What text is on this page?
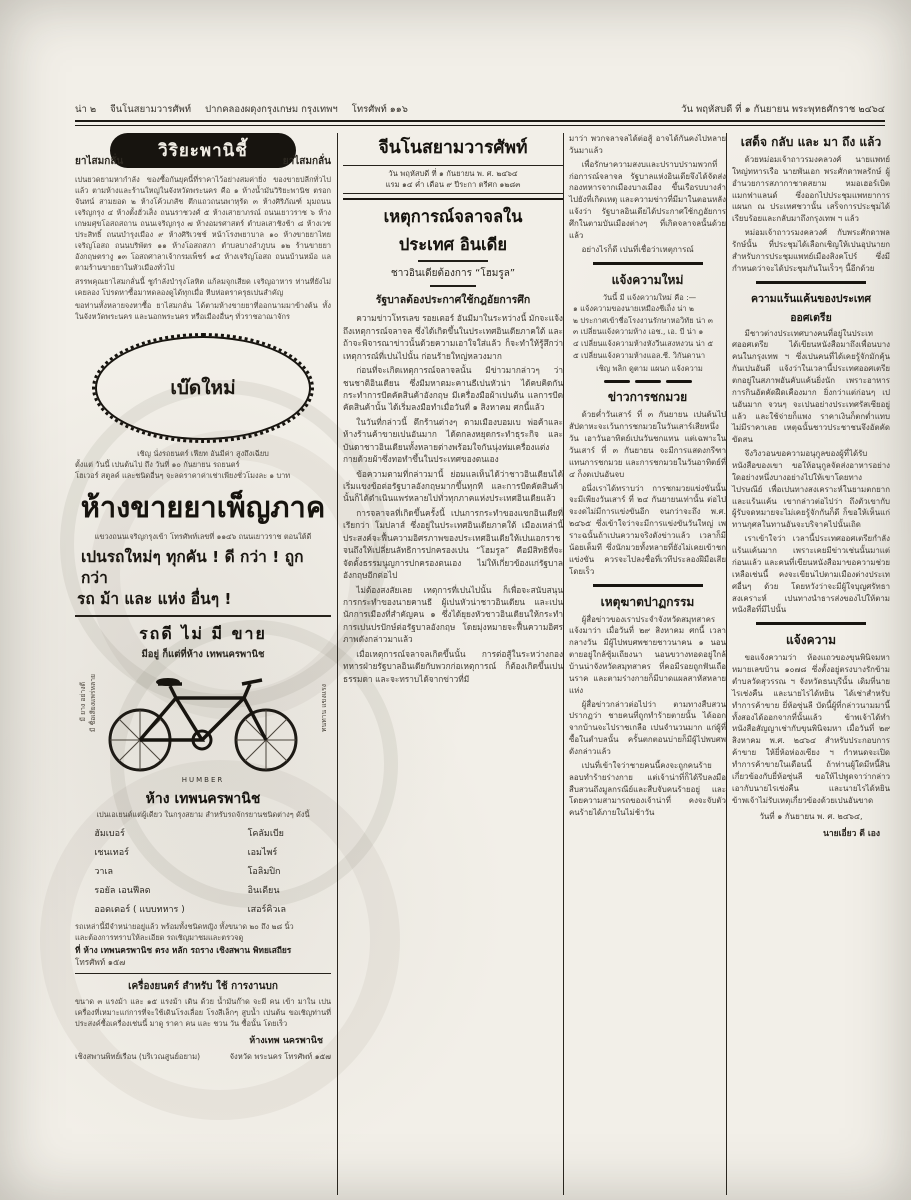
น่า ๒ จีนโนสยามวารศัพท์ ปากคลองผดุงกรุงเกษม กรุงเทพฯ โทรศัพท์ ๑๑๖	วัน พฤหัสบดี ที่ ๑ กันยายน พระพุทธศักราช ๒๔๖๔
วิริยะพานิชี้
ยาไสมกลั่น	ยาไสมกลั่น

เปนยวดยามหากำลัง ของซื้อกันยุคนี้ที่ราคาไว้อย่างสมค่ายิ่ง ของขายปลีกทั่วไปแล้ว ตามห้างและร้านใหญ่ในจังหวัดพระนคร คือ ๑ ห้างน้ำมันวิริยะพานิช ตรอกจันทน์ สามยอด ๒ ห้างโค้วเภสัช ตึกแถวถนนพาหุรัด ๓ ห้างศิริภัณฑ์ มุมถนนเจริญกรุง ๔ ห้างตั้งฮั่วเส็ง ถนนราชวงศ์ ๕ ห้างเสายาภรณ์ ถนนเยาวราช ๖ ห้างเกษมศุขโอสถสถาน ถนนเจริญกรุง ๗ ห้างอมรศาสตร์ ตำบลเสาชิงช้า ๘ ห้างเวชประสิทธิ์ ถนนบำรุงเมือง ๙ ห้างศิริเวชช์ หน้าโรงพยาบาล ๑๐ ห้างขายยาไทยเจริญโอสถ ถนนบริพัตร ๑๑ ห้างโอสถสภา ตำบลบางลำภูบน ๑๒ ร้านขายยาอังกฤษตรางู ๑๓ โอสถศาลาเจ้ากรมเพ็ชร์ ๑๔ ห้างเจริญโอสถ ถนนบ้านหม้อ แลตามร้านขายยาในหัวเมืองทั่วไป

สรรพคุณยาไสมกลั่นนี้ ชูกำลังบำรุงโลหิต แก้ลมจุกเสียด เจริญอาหาร ท่านที่ยังไม่เคยลอง โปรดหาซื้อมาทดลองดูได้ทุกเมื่อ หีบห่อตราครุธเปนสำคัญ

ขอท่านทั้งหลายจงหาซื้อ ยาไสมกลั่น ได้ตามห้างขายยาที่ออกนามมาข้างต้น ทั้งในจังหวัดพระนคร และนอกพระนคร หรือเมืองอื่นๆ ทั่วราชอาณาจักร

เบ๊ดใหม่

เชิญ นั่งรถยนตร์ เฟียท อันมีค่า สูงถึงเฉียบ

ตั้งแต่ วันนี้ เปนต้นไป ถึง วันที่ ๑๐ กันยายน รถยนตร์

โฮเวอร์ สตูลค์ และชนิดอื่นๆ จะลดราคาค่าเช่าเพียงชั่วโมงละ ๑ บาท

ห้างขายยาเพ็ญภาค

แขวงถนนเจริญกรุงเข้า โทรศัพท์เลขที่ ๑๑๔๖ ถนนเยาวราช ตอนใต้ดี

เปนรถใหม่ๆ ทุกคัน ! ดี กว่า ! ถูก กว่า

รถ ม้า และ แห่ง อื่นๆ !

รถดี ไม่ มี ขาย
มีอยู่ ก็แต่ที่ห้าง เทพนครพานิช
มี ยาง อย่างดี มี ชื่อเสียงแพร่หลาย	ทนทาน แขงแรง
HUMBER
ห้าง เทพนครพานิช

เปนเอเยนต์แต่ผู้เดียว ในกรุงสยาม สำหรับรถจักรยานชนิดต่างๆ ดังนี้

ฮัมเบอร์	โคลัมเบีย
เชนเทอร์	เอมไพร์
วาเล	โอลิมปิก
รอยัล เอนฟีลด	อินเดียน
ออดเตอร์ ( แบบทหาร )	เสอร์คิวเล

รถเหล่านี้มีจำหน่ายอยู่แล้ว พร้อมทั้งชนิดหญิง ทั้งขนาด ๒๐ ถึง ๒๘ นิ้ว

และต้องการทราบให้ละเอียด รถเชิญมาชมและตรวจดู

ที่ ห้าง เทพนครพานิช ตรง หลัก รถราง เชิงสพาน พิทยเสถียร

โทรศัพท์ ๑๕๗

เครื่องยนตร์ สำหรับ ใช้ การงานบก

ขนาด ๓ แรงม้า และ ๑๕ แรงม้า เดิน ด้วย น้ำมันก๊าด จะมี คน เข้า มาใน เปนเครื่องที่เหมาะแก่การที่จะใช้เดินโรงเลื่อย โรงสีเล็กๆ สูบน้ำ เปนต้น ขอเชิญท่านที่ประสงค์ซื้อเครื่องเช่นนี้ มาดู ราคา คน และ ชวน วัน ซื้อนั้น โดยเร็ว

ห้างเทพ นครพานิช
เชิงสพานพิทย์เรือน (บริเวณสูนย์อยาม)	จังหวัด พระนคร โทรศัพท์ ๑๕๗
จีนโนสยามวารศัพท์
วัน พฤหัสบดี ที่ ๑ กันยายน พ. ศ. ๒๔๖๔
แรม ๑๔ ค่ำ เดือน ๙ ปีระกา ตรีศก ๑๒๘๓
เหตุการณ์จลาจลใน
ประเทศ อินเดีย
ชาวอินเดียต้องการ “โฮมรูล”
รัฐบาลต้องประกาศใช้กฎอัยการศึก

ความข่าวโทรเลข รอยเตอร์ อันมีมาในระหว่างนี้ มักจะแจ้งถึงเหตุการณ์จลาจล ซึ่งได้เกิดขึ้นในประเทศอินเดียภาคใต้ และถ้าจะพิจารณาข่าวนั้นด้วยความเอาใจใส่แล้ว ก็จะทำให้รู้สึกว่าเหตุการณ์ที่เปนไปนั้น ก่อนร้ายใหญ่หลวงมาก

ก่อนที่จะเกิดเหตุการณ์จลาจลนั้น มีข่าวมากล่าวๆ ว่า ชนชาติอินเดียน ซึ่งมีมหาตมะคานธีเปนหัวน่า ได้คบคิดกันกระทำการบีดคัดสินค้าอังกฤษ มีเครื่องมือผ้าเปนต้น แลการบีดคัดสินค้านั้น ได้เริ่มลงมือทำเมื่อวันที่ ๑ สิงหาคม ศกนี้แล้ว

ในวันที่กล่าวนี้ ตึกร้านต่างๆ ตามเมืองบอมเบ พ่อค้าและห้างร้านค้าขายเปนอันมาก ได้ตกลงหยุดกระทำธุระกิจ และบันดาชาวอินเดียนทั้งหลายต่างพร้อมใจกันนุ่งห่มเครื่องแต่งกายด้วยผ้าซึ่งทอทำขึ้นในประเทศของตนเอง

ข้อความตามที่กล่าวมานี้ ย่อมแลเห็นได้ว่าชาวอินเดียนได้เริ่มแขงข้อต่อรัฐบาลอังกฤษมากขึ้นทุกที และการบีดคัดสินค้านั้นก็ได้ดำเนินแพร่หลายไปทั่วทุกภาคแห่งประเทศอินเดียแล้ว

การจลาจลที่เกิดขึ้นครั้งนี้ เปนการกระทำของแขกอินเดียที่เรียกว่า โมปลาส์ ซึ่งอยู่ในประเทศอินเดียภาคใต้ เมืองเหล่านี้ประสงค์จะฟื้นความอิศรภาพของประเทศอินเดียให้เปนเอกราช จนถึงให้เปลี่ยนลัทธิการปกครองเปน “โฮมรูล” คือมีสิทธิที่จะจัดตั้งธรรมนูญการปกครองตนเอง ไม่ให้เกี่ยวข้องแก่รัฐบาลอังกฤษอีกต่อไป

ไม่ต้องสงสัยเลย เหตุการที่เปนไปนั้น ก็เพื่อจะสนับสนุนการกระทำของนายคานธี ผู้เปนหัวน่าชาวอินเดียน และเปนนักการเมืองที่สำคัญคน ๑ ซึ่งได้ยุยงหัวชาวอินเดียนให้กระทำการเปนปรปักษ์ต่อรัฐบาลอังกฤษ โดยมุ่งหมายจะฟื้นความอิศรภาพดังกล่าวมาแล้ว

เมื่อเหตุการณ์จลาจลเกิดขึ้นนั้น การต่อสู้ในระหว่างกองทหารฝ่ายรัฐบาลอินเดียกับพวกก่อเหตุการณ์ ก็ต้องเกิดขึ้นเปนธรรมดา และจะทราบได้จากข่าวที่มี

มาว่า พวกจลาจลได้ต่อสู้ อาจได้กันคงไปหลายวันมาแล้ว

เพื่อรักษาความสงบและปราบปรามพวกที่ก่อการณ์จลาจล รัฐบาลแห่งอินเดียจึงได้จัดส่งกองทหารจากเมืองบางเมือง ขึ้นเรือรบบางลำไปยังที่เกิดเหตุ และความข่าวที่มีมาในตอนหลังแจ้งว่า รัฐบาลอินเดียได้ประกาศใช้กฎอัยการศึกในตามบันเมืองต่างๆ ที่เกิดจลาจลนั้นด้วยแล้ว

อย่างไรก็ดี เปนที่เชื่อว่าเหตุการณ์

แจ้งความใหม่

วันนี้ มี แจ้งความใหม่ คือ :—

๑ แจ้งความของนายเหมืองชีเถ็ง น่า ๒

๒ ประกาศเข้าชื่อโรงงานรักษาหอวิทัย น่า ๓

๓ เปลี่ยนแจ้งความห้าง เอช., เอ. บี น่า ๑

๔ เปลี่ยนแจ้งความห้างหังวีนเสงหงวน น่า ๕

๕ เปลี่ยนแจ้งความห้างแอล.ซี. วิกันดานา

เชิญ พลิก ดูตาม แผนก แจ้งความ

ข่าวการชกมวย

ด้วยค่ำวันเสาร์ ที่ ๓ กันยายน เปนต้นไป สัปดาหะจะเว้นการชกมวยในวันเสาร์เสียหนึ่งวัน เอาวันอาทิตย์เปนวันชกแทน แต่เฉพาะในวันเสาร์ ที่ ๓ กันยายน จะมีการแสดงกรีฑาแทนการชกมวย และการชกมวยในวันอาทิตย์ที่ ๔ ก็งดเปนอันจบ

อนึ่งเราได้ทราบว่า การชกมวยแข่งขันนั้น จะมีเพียงวันเสาร์ ที่ ๒๔ กันยายนเท่านั้น ต่อไปจะงดไม่มีการแข่งขันอีก จนกว่าจะถึง พ.ศ. ๒๔๖๕ ซึ่งเข้าใจว่าจะมีการแข่งขันวันใหญ่ เพราะฉนั้นถ้าเปนความจริงดังข่าวแล้ว เวลาก็มีน้อยเต็มที ซึ่งนักมวยทั้งหลายที่ยังไม่เคยเข้าชกแข่งขัน ควรจะไปลงชื่อที่เวทีประลองฝีมือเสียโดยเร็ว

เหตุฆาตปาฏกรรม

ผู้สื่อข่าวของเราประจำจังหวัดสมุทสาคร แจ้งมาว่า เมื่อวันที่ ๒๙ สิงหาคม ศกนี้ เวลากลางวัน มีผู้ไปพบศพชายชาวนาคน ๑ นอนตายอยู่ใกล้ซุ้มเถียงนา นอนขวางทอดอยู่ใกล้บ้านน่าจังหวัดสมุทสาคร ที่คอมีรอยถูกฟันเถือนราค และตามร่างกายก็มีบาดแผลสาหัสหลายแห่ง

ผู้สื่อข่าวกล่าวต่อไปว่า ตามทางสืบสวนปรากฏว่า ชายคนที่ถูกทำร้ายตายนั้น ได้ออกจากบ้านจะไปราชเกลือ เปนจำนวนมาก แก่ผู้ที่ซื้อในตำบลนั้น ครั้นตกตอนบ่ายก็มีผู้ไปพบศพดังกล่าวแล้ว

เปนที่เข้าใจว่าชายคนนี้คงจะถูกคนร้ายลอบทำร้ายร่างกาย แต่เจ้าน่าที่ก็ได้รีบลงมือสืบสวนถึงมูลกรณีย์และสืบจับคนร้ายอยู่ และโดยความสามารถของเจ้าน่าที่ คงจะจับตัวคนร้ายได้ภายในไม่ช้าวัน

เสด็จ กลับ และ มา ถึง แล้ว

ด้วยหม่อมเจ้าถาวรมงคลวงศ์ นายแพทย์ใหญ่ทหารเรือ นายพันเอก พระศักดาพลรักษ์ ผู้อำนวยการสภากาชาดสยาม หมอเฮอร์เบิต แมกฟาแลนด์ ซึ่งออกไปประชุมแพทยาการแผนก ณ ประเทศชวานั้น เสร็จการประชุมได้เรียบร้อยและกลับมาถึงกรุงเทพ ฯ แล้ว

หม่อมเจ้าถาวรมงคลวงศ์ กับพระศักดาพลรักษ์นั้น ที่ประชุมได้เลือกเชิญให้เปนอุปนายก สำหรับการประชุมแพทย์เมืองสิงคโปร์ ซึ่งมีกำหนดว่าจะได้ประชุมกันในเร็วๆ นี้อีกด้วย

ความแร้นแค้นของประเทศ
ออศเตรีย

มีชาวต่างประเทศบางคนที่อยู่ในประเทศออศเตรีย ได้เขียนหนังสือมาถึงเพื่อนบางคนในกรุงเทพ ฯ ซึ่งเปนคนที่ได้เคยรู้จักมักคุ้นกันเปนอันดี แจ้งว่าในเวลานี้ประเทศออศเตรียตกอยู่ในสภาพอันคับแค้นยิ่งนัก เพราะอาหารการกินอัตคัดฝืดเคืองมาก ยิ่งกว่าแต่ก่อนๆ เปนอันมาก จวนๆ จะเปนอย่างประเทศรัสเซียอยู่แล้ว และใช้จ่ายก็แพง ราคาเงินก็ตกต่ำแทบไม่มีราคาเลย เหตุฉนั้นชาวประชาชนจึงอัตคัดขัดสน

จึงวิงวอนขอความอนุกูลของผู้ที่ได้รับหนังสือของเขา ขอให้อนุกูลจัดส่งอาหารอย่างใดอย่างหนึ่งบางอย่างไปให้เขาโดยทางไปรษณีย์ เพื่อเปนทางสงเคราะห์ในยามตกยากและแร้นแค้น เขากล่าวต่อไปว่า ถึงตัวเขากับผู้รับจดหมายจะไม่เคยรู้จักกันก็ดี ก็ขอให้เห็นแก่ทานกุศลในทานอันจะบริจาคไปนั้นเถิด

เราเข้าใจว่า เวลานี้ประเทศออศเตรียกำลังแร้นแค้นมาก เพราะเคยมีข่าวเช่นนั้นมาแต่ก่อนแล้ว และคนที่เขียนหนังสือมาขอความช่วยเหลือเช่นนี้ คงจะเขียนไปตามเมืองต่างประเทศอื่นๆ ด้วย โดยหวังว่าจะมีผู้ใจบุญศรัทธาสงเคราะห์ เปนทางนำธารส่งของไปให้ตามหนังสือที่มีไปนั้น

แจ้งความ

ขอแจ้งความว่า ห้องแถวของขุนพินิจมหา หมายเลขบ้าน ๑๐๗๘ ซึ่งตั้งอยู่ตรงบางรักข้าม ตำบลวัดสุวรรณ ฯ จังหวัดธนบุรีนั้น เดิมที่นายไรเช่งคืน และนายไรได้หยิน ได้เช่าสำหรับทำการค้าขาย ยี่ห้อซุ่นลี บัดนี้ผู้ที่กล่าวนามมานี้ทั้งสองได้ออกจากที่นั้นแล้ว ข้าพเจ้าได้ทำหนังสือสัญญาเช่ากับขุนพินิจมหา เมื่อวันที่ ๒๙ สิงหาคม พ.ศ. ๒๔๖๔ สำหรับประกอบการค้าขาย ให้ยี่ห้อห่องเซียง ฯ กำหนดจะเปิดทำการค้าขายในเดือนนี้ ถ้าท่านผู้ใดมีหนี้สินเกี่ยวข้องกับยี่ห้อซุ่นลี ขอให้ไปพูดจาว่ากล่าวเอากับนายไรเช่งคืน และนายไรได้หยิน ข้าพเจ้าไม่รับเหตุเกี่ยวข้องด้วยเปนอันขาด

วันที่ ๑ กันยายน พ. ศ. ๒๔๖๔,
นายเอี่ยว ตี เอง
